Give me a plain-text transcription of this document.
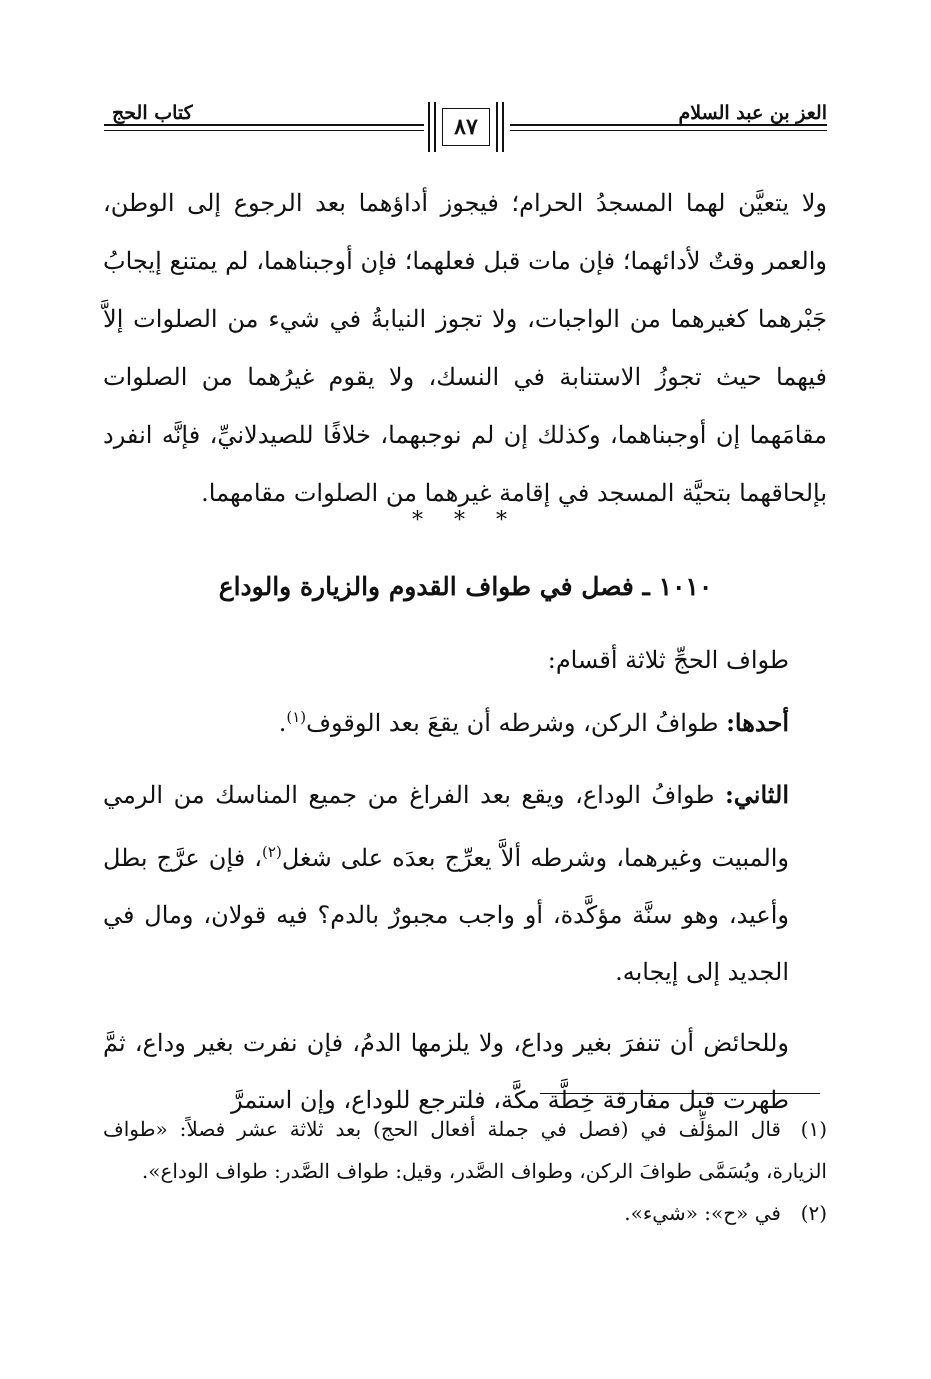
العز بن عبد السلام
كتاب الحج
٨٧

ولا يتعيَّن لهما المسجدُ الحرام؛ فيجوز أداؤهما بعد الرجوع إلى الوطن، والعمر وقتٌ لأدائهما؛ فإن مات قبل فعلهما؛ فإن أوجبناهما، لم يمتنع إيجابُ جَبْرهما كغيرهما من الواجبات، ولا تجوز النيابةُ في شيء من الصلوات إلاَّ فيهما حيث تجوزُ الاستنابة في النسك، ولا يقوم غيرُهما من الصلوات مقامَهما إن أوجبناهما، وكذلك إن لم نوجبهما، خلافًا للصيدلانيِّ، فإنَّه انفرد بإلحاقهما بتحيَّة المسجد في إقامة غيرهما من الصلوات مقامهما.

* * *
١٠١٠ ـ فصل في طواف القدوم والزيارة والوداع

طواف الحجِّ ثلاثة أقسام:

أحدها: طوافُ الركن، وشرطه أن يقعَ بعد الوقوف$^{(١)}$.

الثاني: طوافُ الوداع، ويقع بعد الفراغ من جميع المناسك من الرمي والمبيت وغيرهما، وشرطه ألاَّ يعرِّج بعدَه على شغل$^{(٢)}$، فإن عرَّج بطل وأعيد، وهو سنَّة مؤكَّدة، أو واجب مجبورٌ بالدم؟ فيه قولان، ومال في الجديد إلى إيجابه.

وللحائض أن تنفرَ بغير وداع، ولا يلزمها الدمُ، فإن نفرت بغير وداع، ثمَّ طهرت قبل مفارقة خِطَّة مكَّة، فلترجع للوداع، وإن استمرَّ

(١)قال المؤلِّف في (فصل في جملة أفعال الحج) بعد ثلاثة عشر فصلاً: «طواف الزيارة، ويُسَمَّى طوافَ الركن، وطواف الصَّدر، وقيل: طواف الصَّدر: طواف الوداع».

(٢)في «ح»: «شيء».
